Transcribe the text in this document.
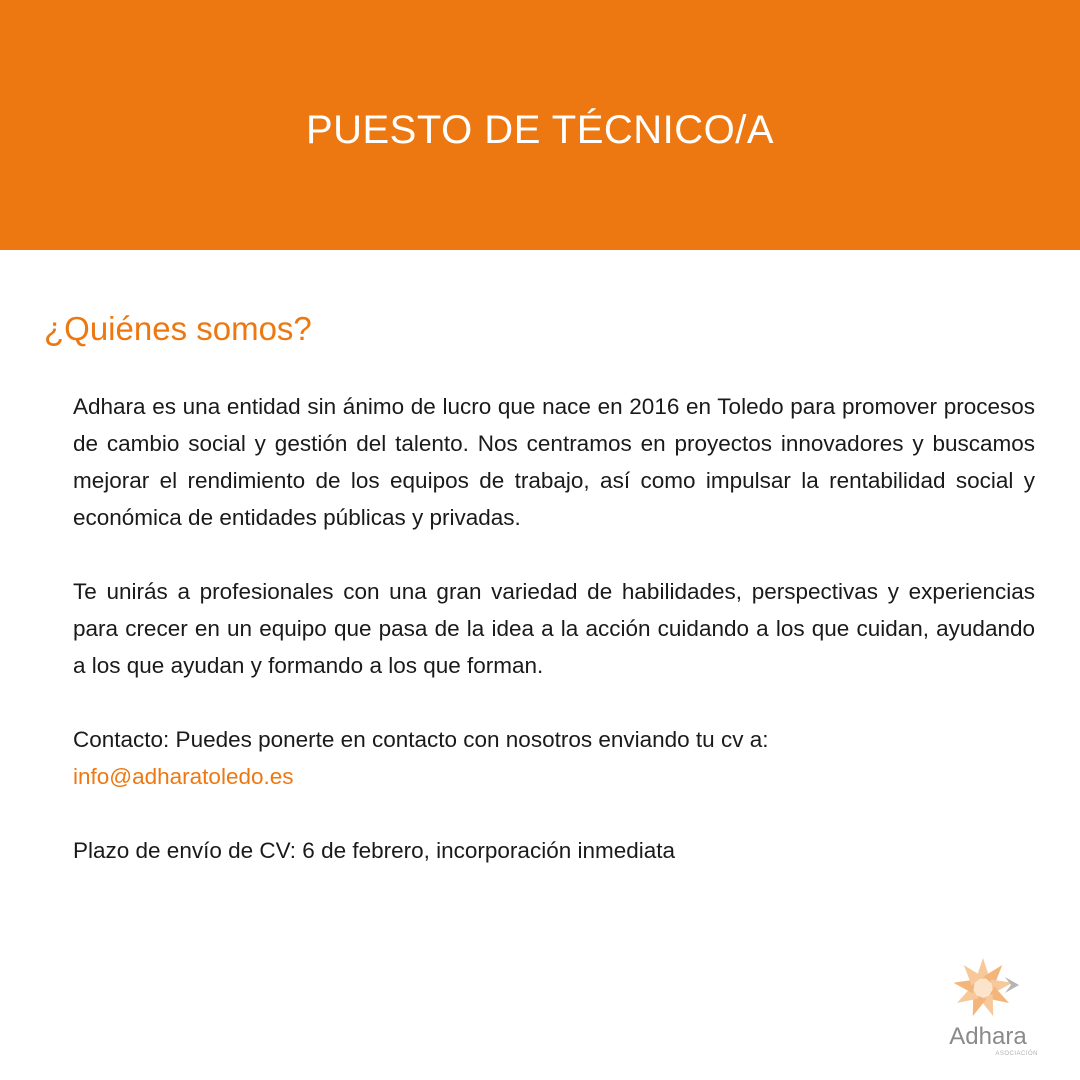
PUESTO DE TÉCNICO/A
¿Quiénes somos?

Adhara es una entidad sin ánimo de lucro que nace en 2016 en Toledo para promover procesos de cambio social y gestión del talento. Nos centramos en proyectos innovadores y buscamos mejorar el rendimiento de los equipos de trabajo, así como impulsar la rentabilidad social y económica de entidades públicas y privadas.

Te unirás a profesionales con una gran variedad de habilidades, perspectivas y experiencias para crecer en un equipo que pasa de la idea a la acción cuidando a los que cuidan, ayudando a los que ayudan y formando a los que forman.

Contacto: Puedes ponerte en contacto con nosotros enviando tu cv a:
info@adharatoledo.es

Plazo de envío de CV: 6 de febrero, incorporación inmediata

Adhara
ASOCIACIÓN
